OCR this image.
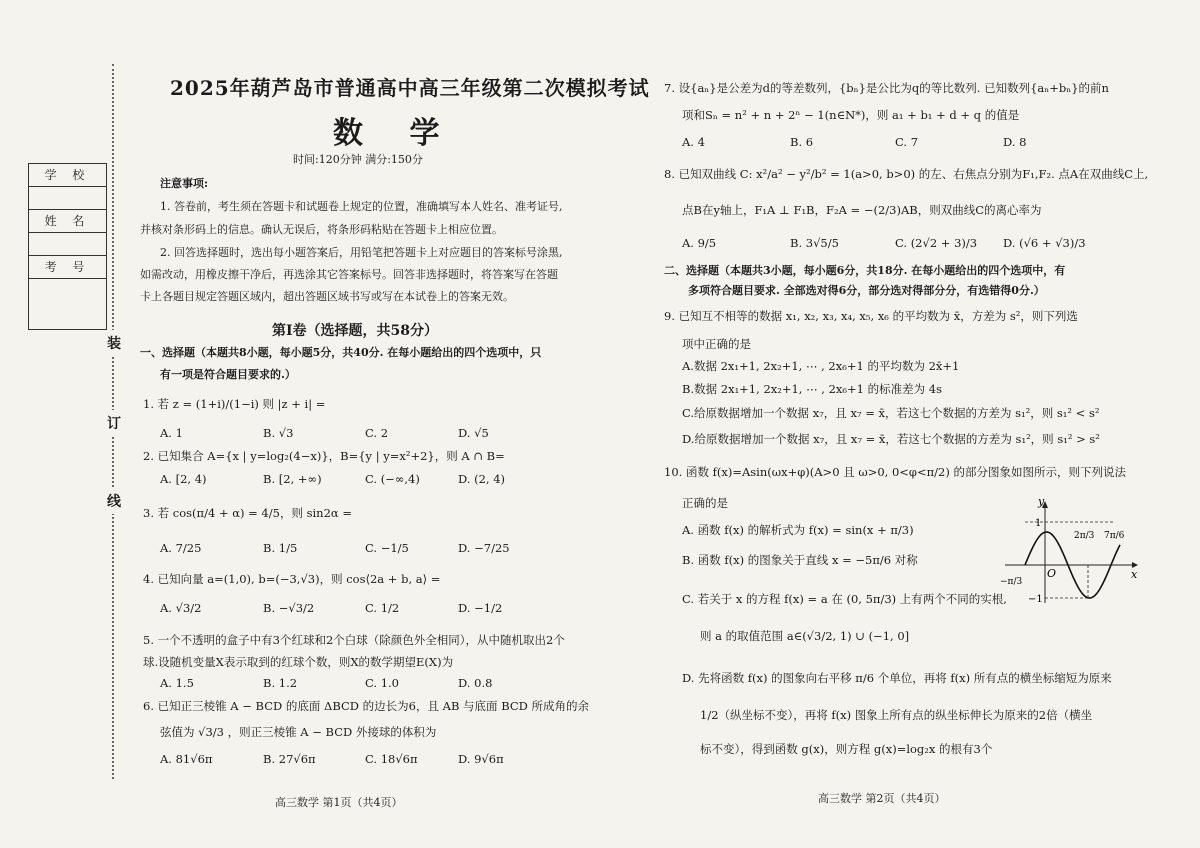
装
订
线
学 校
姓 名
考 号
2025年葫芦岛市普通高中高三年级第二次模拟考试
数 学
时间:120分钟 满分:150分
注意事项:
1. 答卷前，考生须在答题卡和试题卷上规定的位置，准确填写本人姓名、准考证号,
并核对条形码上的信息。确认无误后，将条形码粘贴在答题卡上相应位置。
2. 回答选择题时，选出每小题答案后，用铅笔把答题卡上对应题目的答案标号涂黑,
如需改动，用橡皮擦干净后，再选涂其它答案标号。回答非选择题时，将答案写在答题
卡上各题目规定答题区域内，超出答题区域书写或写在本试卷上的答案无效。
第Ⅰ卷（选择题，共58分）
一、选择题（本题共8小题，每小题5分，共40分. 在每小题给出的四个选项中，只
有一项是符合题目要求的.）
1. 若 z = (1+i)/(1−i) 则 |z + i| =
A. 1	B. √3	C. 2	D. √5
2. 已知集合 A={x | y=log₂(4−x)}，B={y | y=x²+2}，则 A ∩ B=
A. [2, 4)	B. [2, +∞)	C. (−∞,4)	D. (2, 4)
3. 若 cos(π/4 + α) = 4/5，则 sin2α =
A. 7/25	B. 1/5	C. −1/5	D. −7/25
4. 已知向量 a=(1,0), b=(−3,√3)，则 cos⟨2a + b, a⟩ =
A. √3/2	B. −√3/2	C. 1/2	D. −1/2
5. 一个不透明的盒子中有3个红球和2个白球（除颜色外全相同），从中随机取出2个
球.设随机变量X表示取到的红球个数，则X的数学期望E(X)为
A. 1.5	B. 1.2	C. 1.0	D. 0.8
6. 已知正三棱锥 A − BCD 的底面 ΔBCD 的边长为6，且 AB 与底面 BCD 所成角的余
弦值为 √3/3 ，则正三棱锥 A − BCD 外接球的体积为
A. 81√6π	B. 27√6π	C. 18√6π	D. 9√6π
高三数学 第1页（共4页）
7. 设{aₙ}是公差为d的等差数列，{bₙ}是公比为q的等比数列. 已知数列{aₙ+bₙ}的前n
项和Sₙ = n² + n + 2ⁿ − 1(n∈N*)，则 a₁ + b₁ + d + q 的值是
A. 4	B. 6	C. 7	D. 8
8. 已知双曲线 C: x²/a² − y²/b² = 1(a>0, b>0) 的左、右焦点分别为F₁,F₂. 点A在双曲线C上,
点B在y轴上，F₁A ⊥ F₁B，F₂A = −(2/3)AB，则双曲线C的离心率为
A. 9/5	B. 3√5/5	C. (2√2 + 3)/3 D. (√6 + √3)/3
二、选择题（本题共3小题，每小题6分，共18分. 在每小题给出的四个选项中，有
多项符合题目要求. 全部选对得6分，部分选对得部分分，有选错得0分.）
9. 已知互不相等的数据 x₁, x₂, x₃, x₄, x₅, x₆ 的平均数为 x̄，方差为 s²，则下列选
项中正确的是
A.数据 2x₁+1, 2x₂+1, ⋯ , 2x₆+1 的平均数为 2x̄+1
B.数据 2x₁+1, 2x₂+1, ⋯ , 2x₆+1 的标准差为 4s
C.给原数据增加一个数据 x₇，且 x₇ = x̄，若这七个数据的方差为 s₁²，则 s₁² < s²
D.给原数据增加一个数据 x₇，且 x₇ = x̄，若这七个数据的方差为 s₁²，则 s₁² > s²
10. 函数 f(x)=Asin(ωx+φ)(A>0 且 ω>0, 0<φ<π/2) 的部分图象如图所示，则下列说法
正确的是
A. 函数 f(x) 的解析式为 f(x) = sin(x + π/3)
B. 函数 f(x) 的图象关于直线 x = −5π/6 对称
C. 若关于 x 的方程 f(x) = a 在 (0, 5π/3) 上有两个不同的实根,
则 a 的取值范围 a∈(√3/2, 1) ∪ (−1, 0]
D. 先将函数 f(x) 的图象向右平移 π/6 个单位，再将 f(x) 所有点的横坐标缩短为原来
1/2（纵坐标不变），再将 f(x) 图象上所有点的纵坐标伸长为原来的2倍（横坐
标不变），得到函数 g(x)，则方程 g(x)=log₂x 的根有3个
y
x
O
1
−1
−π/3
2π/3 7π/6
高三数学 第2页（共4页）
